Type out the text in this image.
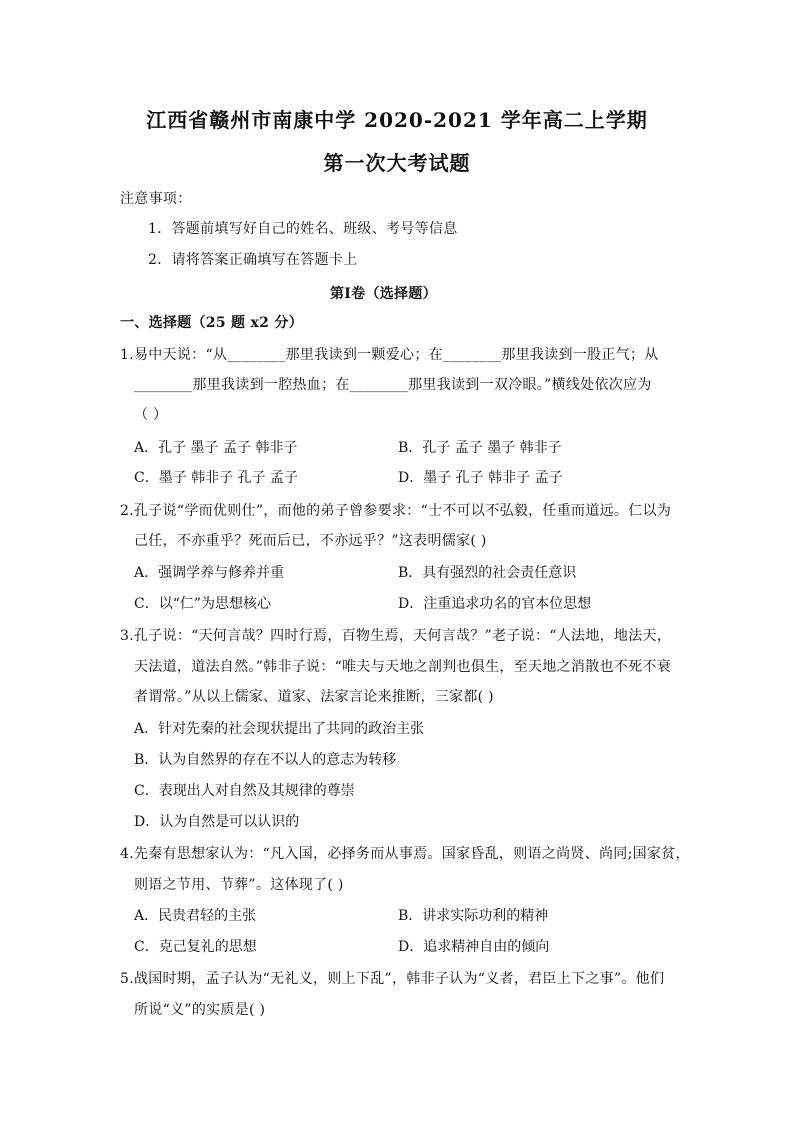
江西省赣州市南康中学 2020-2021 学年高二上学期
第一次大考试题
注意事项：
1．答题前填写好自己的姓名、班级、考号等信息
2．请将答案正确填写在答题卡上
第Ⅰ卷（选择题）
一、选择题（25 题 x2 分）
1.易中天说：“从________那里我读到一颗爱心；在________那里我读到一股正气；从
________那里我读到一腔热血；在________那里我读到一双冷眼。”横线处依次应为
（ ）
A．孔子 墨子 孟子 韩非子	B．孔子 孟子 墨子 韩非子
C．墨子 韩非子 孔子 孟子	D．墨子 孔子 韩非子 孟子
2.孔子说“学而优则仕”，而他的弟子曾参要求：“士不可以不弘毅，任重而道远。仁以为
己任，不亦重乎？死而后已，不亦远乎？”这表明儒家( )
A．强调学养与修养并重	B．具有强烈的社会责任意识
C．以“仁”为思想核心	D．注重追求功名的官本位思想
3.孔子说：“天何言哉？四时行焉，百物生焉，天何言哉？”老子说：“人法地，地法天，
天法道，道法自然。”韩非子说：“唯夫与天地之剖判也俱生，至天地之消散也不死不衰
者谓常。”从以上儒家、道家、法家言论来推断，三家都( )
A．针对先秦的社会现状提出了共同的政治主张
B．认为自然界的存在不以人的意志为转移
C．表现出人对自然及其规律的尊崇
D．认为自然是可以认识的
4.先秦有思想家认为：“凡入国，必择务而从事焉。国家昏乱，则语之尚贤、尚同;国家贫，
则语之节用、节葬”。这体现了( )
A．民贵君轻的主张	B．讲求实际功利的精神
C．克己复礼的思想	D．追求精神自由的倾向
5.战国时期，孟子认为“无礼义，则上下乱”，韩非子认为“义者，君臣上下之事”。他们
所说“义”的实质是( )
